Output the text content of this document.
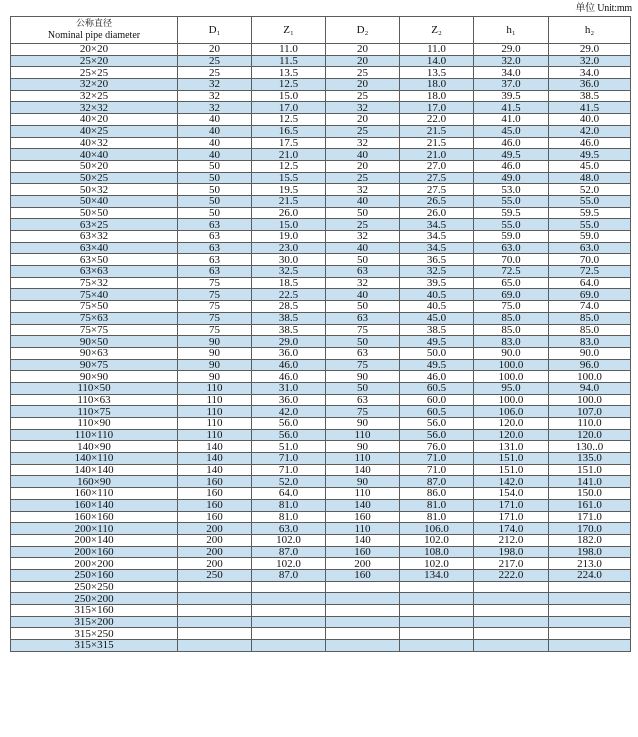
单位 Unit:mm
公称直径
Nominal pipe diameter	D₁	Z₁	D₂	Z₂	h₁	h₂
20×20	20	11.0	20	11.0	29.0	29.0
25×20	25	11.5	20	14.0	32.0	32.0
25×25	25	13.5	25	13.5	34.0	34.0
32×20	32	12.5	20	18.0	37.0	36.0
32×25	32	15.0	25	18.0	39.5	38.5
32×32	32	17.0	32	17.0	41.5	41.5
40×20	40	12.5	20	22.0	41.0	40.0
40×25	40	16.5	25	21.5	45.0	42.0
40×32	40	17.5	32	21.5	46.0	46.0
40×40	40	21.0	40	21.0	49.5	49.5
50×20	50	12.5	20	27.0	46.0	45.0
50×25	50	15.5	25	27.5	49.0	48.0
50×32	50	19.5	32	27.5	53.0	52.0
50×40	50	21.5	40	26.5	55.0	55.0
50×50	50	26.0	50	26.0	59.5	59.5
63×25	63	15.0	25	34.5	55.0	55.0
63×32	63	19.0	32	34.5	59.0	59.0
63×40	63	23.0	40	34.5	63.0	63.0
63×50	63	30.0	50	36.5	70.0	70.0
63×63	63	32.5	63	32.5	72.5	72.5
75×32	75	18.5	32	39.5	65.0	64.0
75×40	75	22.5	40	40.5	69.0	69.0
75×50	75	28.5	50	40.5	75.0	74.0
75×63	75	38.5	63	45.0	85.0	85.0
75×75	75	38.5	75	38.5	85.0	85.0
90×50	90	29.0	50	49.5	83.0	83.0
90×63	90	36.0	63	50.0	90.0	90.0
90×75	90	46.0	75	49.5	100.0	96.0
90×90	90	46.0	90	46.0	100.0	100.0
110×50	110	31.0	50	60.5	95.0	94.0
110×63	110	36.0	63	60.0	100.0	100.0
110×75	110	42.0	75	60.5	106.0	107.0
110×90	110	56.0	90	56.0	120.0	110.0
110×110	110	56.0	110	56.0	120.0	120.0
140×90	140	51.0	90	76.0	131.0	130..0
140×110	140	71.0	110	71.0	151.0	135.0
140×140	140	71.0	140	71.0	151.0	151.0
160×90	160	52.0	90	87.0	142.0	141.0
160×110	160	64.0	110	86.0	154.0	150.0
160×140	160	81.0	140	81.0	171.0	161.0
160×160	160	81.0	160	81.0	171.0	171.0
200×110	200	63.0	110	106.0	174.0	170.0
200×140	200	102.0	140	102.0	212.0	182.0
200×160	200	87.0	160	108.0	198.0	198.0
200×200	200	102.0	200	102.0	217.0	213.0
250×160	250	87.0	160	134.0	222.0	224.0
250×250						
250×200						
315×160						
315×200						
315×250						
315×315						
